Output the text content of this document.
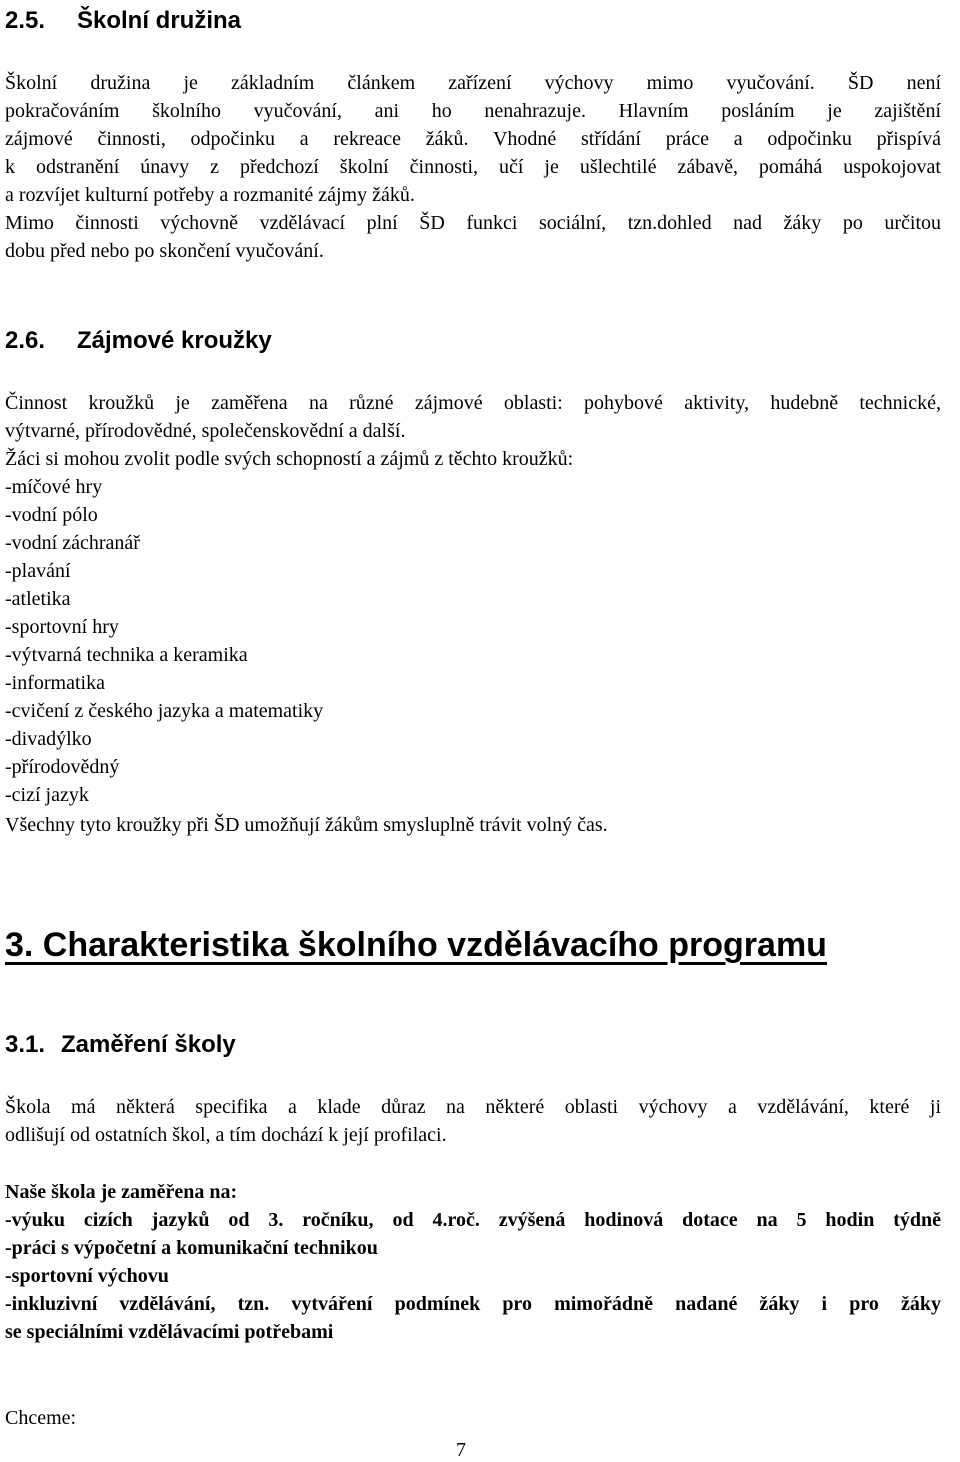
2.5. Školní družina
Školní družina je základním článkem zařízení výchovy mimo vyučování. ŠD není
pokračováním školního vyučování, ani ho nenahrazuje. Hlavním posláním je zajištění
zájmové činnosti, odpočinku a rekreace žáků. Vhodné střídání práce a odpočinku přispívá
k odstranění únavy z předchozí školní činnosti, učí je ušlechtilé zábavě, pomáhá uspokojovat
a rozvíjet kulturní potřeby a rozmanité zájmy žáků.
Mimo činnosti výchovně vzdělávací plní ŠD funkci sociální, tzn.dohled nad žáky po určitou
dobu před nebo po skončení vyučování.
2.6. Zájmové kroužky
Činnost kroužků je zaměřena na různé zájmové oblasti: pohybové aktivity, hudebně technické,
výtvarné, přírodovědné, společenskovědní a další.
Žáci si mohou zvolit podle svých schopností a zájmů z těchto kroužků:
-míčové hry
-vodní pólo
-vodní záchranář
-plavání
-atletika
-sportovní hry
-výtvarná technika a keramika
-informatika
-cvičení z českého jazyka a matematiky
-divadýlko
-přírodovědný
-cizí jazyk
Všechny tyto kroužky při ŠD umožňují žákům smysluplně trávit volný čas.
3. Charakteristika školního vzdělávacího programu
3.1. Zaměření školy
Škola má některá specifika a klade důraz na některé oblasti výchovy a vzdělávání, které ji
odlišují od ostatních škol, a tím dochází k její profilaci.
Naše škola je zaměřena na:
-výuku cizích jazyků od 3. ročníku, od 4.roč. zvýšená hodinová dotace na 5 hodin týdně
-práci s výpočetní a komunikační technikou
-sportovní výchovu
-inkluzivní vzdělávání, tzn. vytváření podmínek pro mimořádně nadané žáky i pro žáky
se speciálními vzdělávacími potřebami
Chceme:
7
